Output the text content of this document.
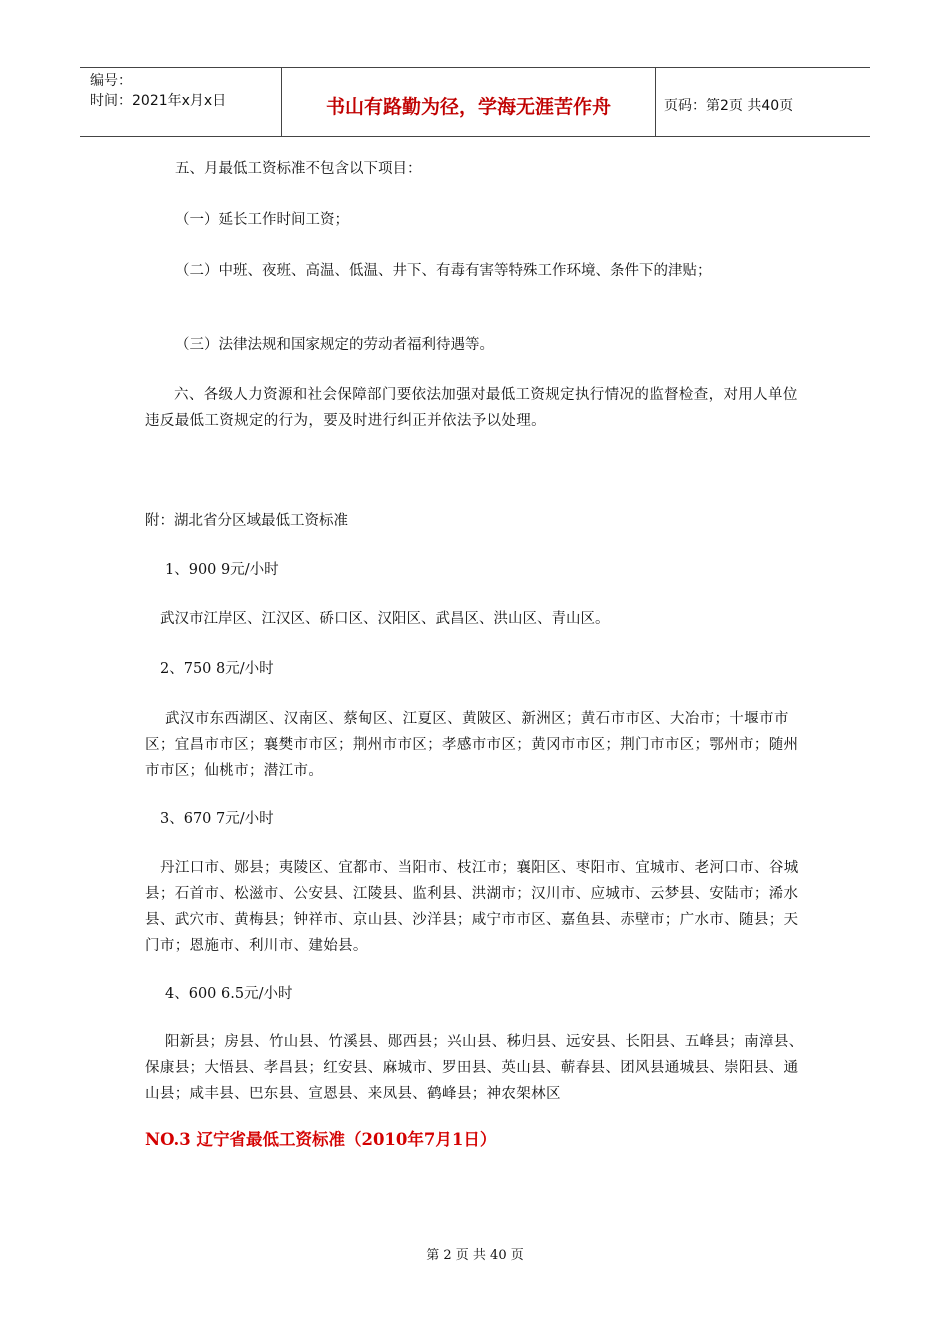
编号：
时间：2021年x月x日	书山有路勤为径，学海无涯苦作舟	页码：第2页 共40页
五、月最低工资标准不包含以下项目：
（一）延长工作时间工资；
（二）中班、夜班、高温、低温、井下、有毒有害等特殊工作环境、条件下的津贴；
（三）法律法规和国家规定的劳动者福利待遇等。
六、各级人力资源和社会保障部门要依法加强对最低工资规定执行情况的监督检查，对用人单位违反最低工资规定的行为，要及时进行纠正并依法予以处理。
附：湖北省分区域最低工资标准
1、900 9元/小时
武汉市江岸区、江汉区、硚口区、汉阳区、武昌区、洪山区、青山区。
2、750 8元/小时
武汉市东西湖区、汉南区、蔡甸区、江夏区、黄陂区、新洲区；黄石市市区、大冶市；十堰市市区；宜昌市市区；襄樊市市区；荆州市市区；孝感市市区；黄冈市市区；荆门市市区；鄂州市；随州市市区；仙桃市；潜江市。
3、670 7元/小时
丹江口市、郧县；夷陵区、宜都市、当阳市、枝江市；襄阳区、枣阳市、宜城市、老河口市、谷城县；石首市、松滋市、公安县、江陵县、监利县、洪湖市；汉川市、应城市、云梦县、安陆市；浠水县、武穴市、黄梅县；钟祥市、京山县、沙洋县；咸宁市市区、嘉鱼县、赤壁市；广水市、随县；天门市；恩施市、利川市、建始县。
4、600 6.5元/小时
阳新县；房县、竹山县、竹溪县、郧西县；兴山县、秭归县、远安县、长阳县、五峰县；南漳县、保康县；大悟县、孝昌县；红安县、麻城市、罗田县、英山县、蕲春县、团风县通城县、崇阳县、通山县；咸丰县、巴东县、宣恩县、来凤县、鹤峰县；神农架林区
NO.3 辽宁省最低工资标准（2010年7月1日）
第 2 页 共 40 页
